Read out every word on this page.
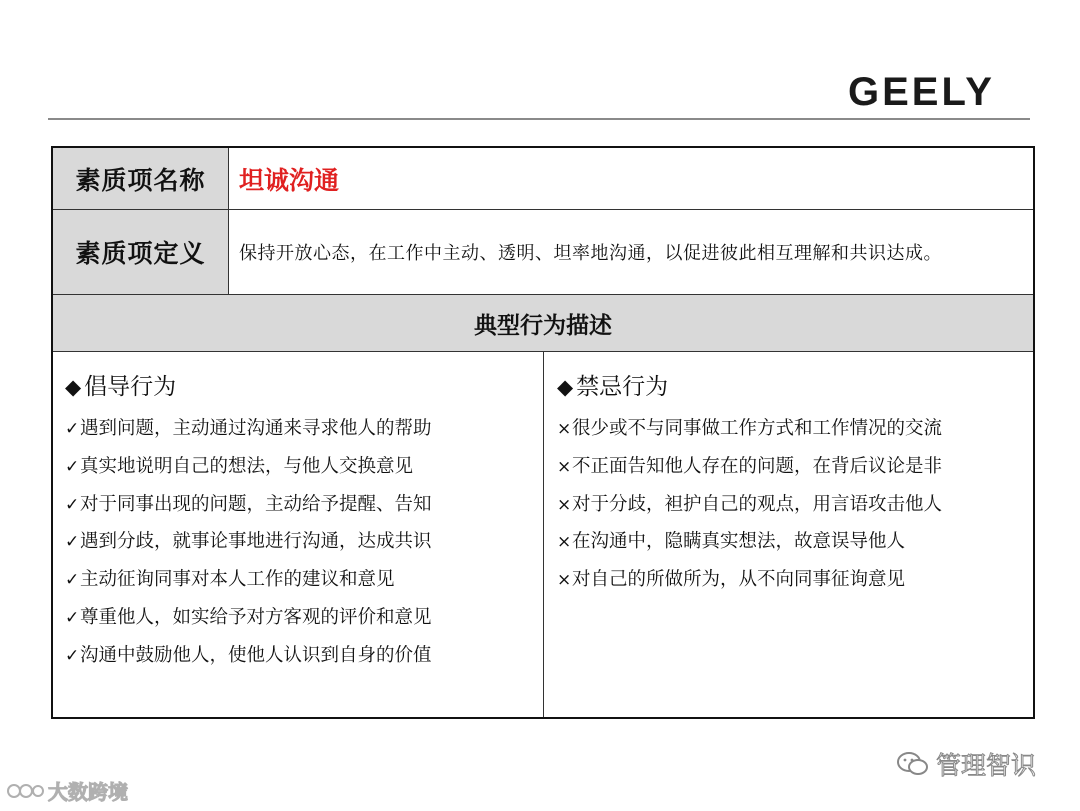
GEELY
素质项名称	坦诚沟通
素质项定义	保持开放心态，在工作中主动、透明、坦率地沟通，以促进彼此相互理解和共识达成。
典型行为描述
◆ 倡导行为
✓遇到问题，主动通过沟通来寻求他人的帮助
✓真实地说明自己的想法，与他人交换意见
✓对于同事出现的问题，主动给予提醒、告知
✓遇到分歧，就事论事地进行沟通，达成共识
✓主动征询同事对本人工作的建议和意见
✓尊重他人，如实给予对方客观的评价和意见
✓沟通中鼓励他人，使他人认识到自身的价值
◆ 禁忌行为
×很少或不与同事做工作方式和工作情况的交流
×不正面告知他人存在的问题，在背后议论是非
×对于分歧，袒护自己的观点，用言语攻击他人
×在沟通中，隐瞒真实想法，故意误导他人
×对自己的所做所为，从不向同事征询意见
大数跨境
管理智识
